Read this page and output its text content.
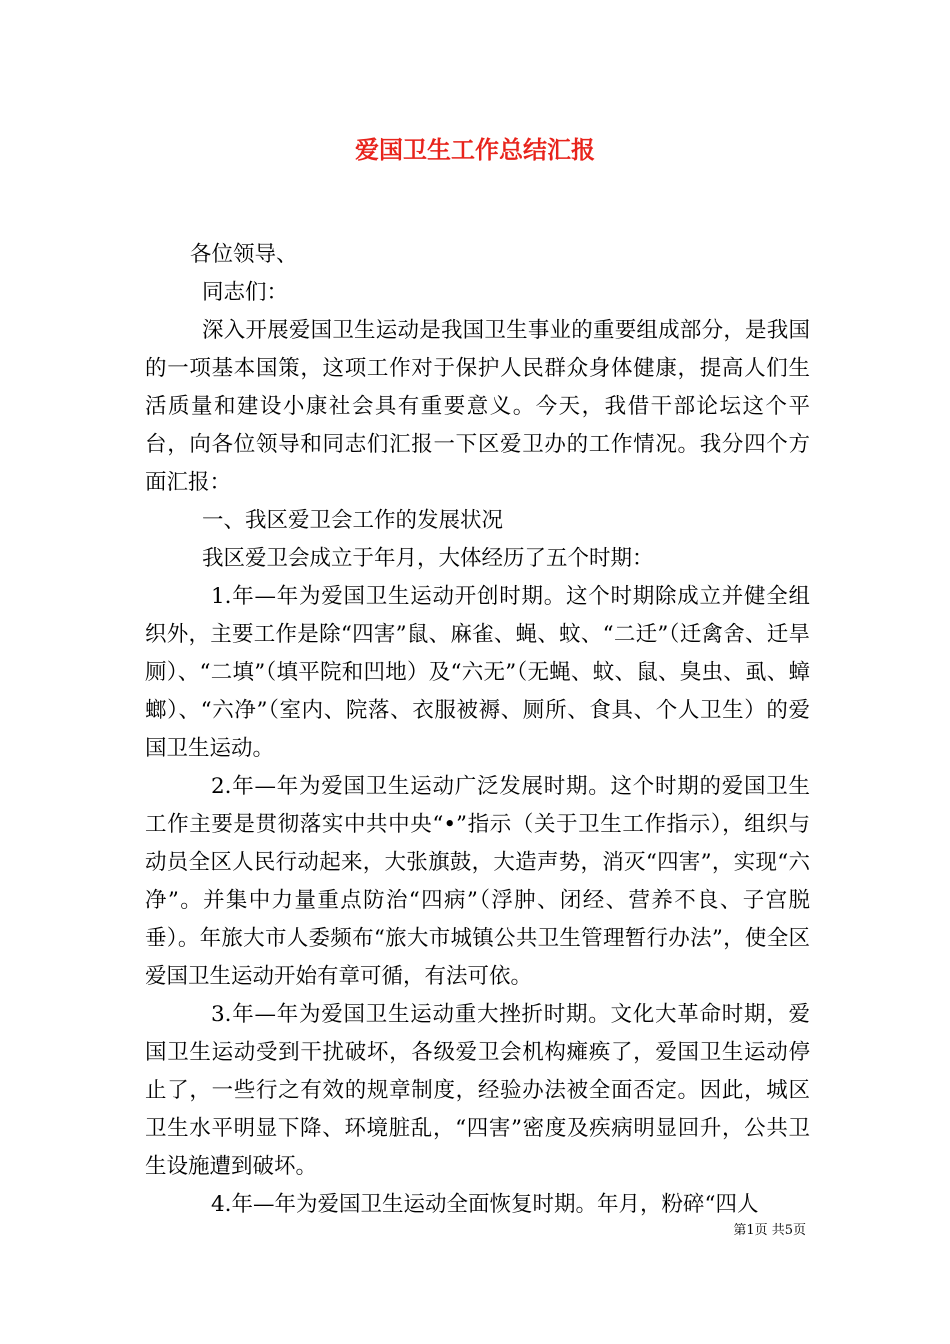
爱国卫生工作总结汇报

各位领导、

同志们：

深入开展爱国卫生运动是我国卫生事业的重要组成部分，是我国的一项基本国策，这项工作对于保护人民群众身体健康，提高人们生活质量和建设小康社会具有重要意义。今天，我借干部论坛这个平台，向各位领导和同志们汇报一下区爱卫办的工作情况。我分四个方面汇报：

一、我区爱卫会工作的发展状况

我区爱卫会成立于年月，大体经历了五个时期：

1.年—年为爱国卫生运动开创时期。这个时期除成立并健全组织外，主要工作是除“四害”鼠、麻雀、蝇、蚊、“二迁”（迁禽舍、迁旱厕）、“二填”（填平院和凹地）及“六无”（无蝇、蚊、鼠、臭虫、虱、蟑螂）、“六净”（室内、院落、衣服被褥、厕所、食具、个人卫生）的爱国卫生运动。

2.年—年为爱国卫生运动广泛发展时期。这个时期的爱国卫生工作主要是贯彻落实中共中央“•”指示（关于卫生工作指示），组织与动员全区人民行动起来，大张旗鼓，大造声势，消灭“四害”，实现“六净”。并集中力量重点防治“四病”（浮肿、闭经、营养不良、子宫脱垂）。年旅大市人委频布“旅大市城镇公共卫生管理暂行办法”，使全区爱国卫生运动开始有章可循，有法可依。

3.年—年为爱国卫生运动重大挫折时期。文化大革命时期，爱国卫生运动受到干扰破坏，各级爱卫会机构瘫痪了，爱国卫生运动停止了，一些行之有效的规章制度，经验办法被全面否定。因此，城区卫生水平明显下降、环境脏乱，“四害”密度及疾病明显回升，公共卫生设施遭到破坏。

4.年—年为爱国卫生运动全面恢复时期。年月，粉碎“四人

第1页 共5页
